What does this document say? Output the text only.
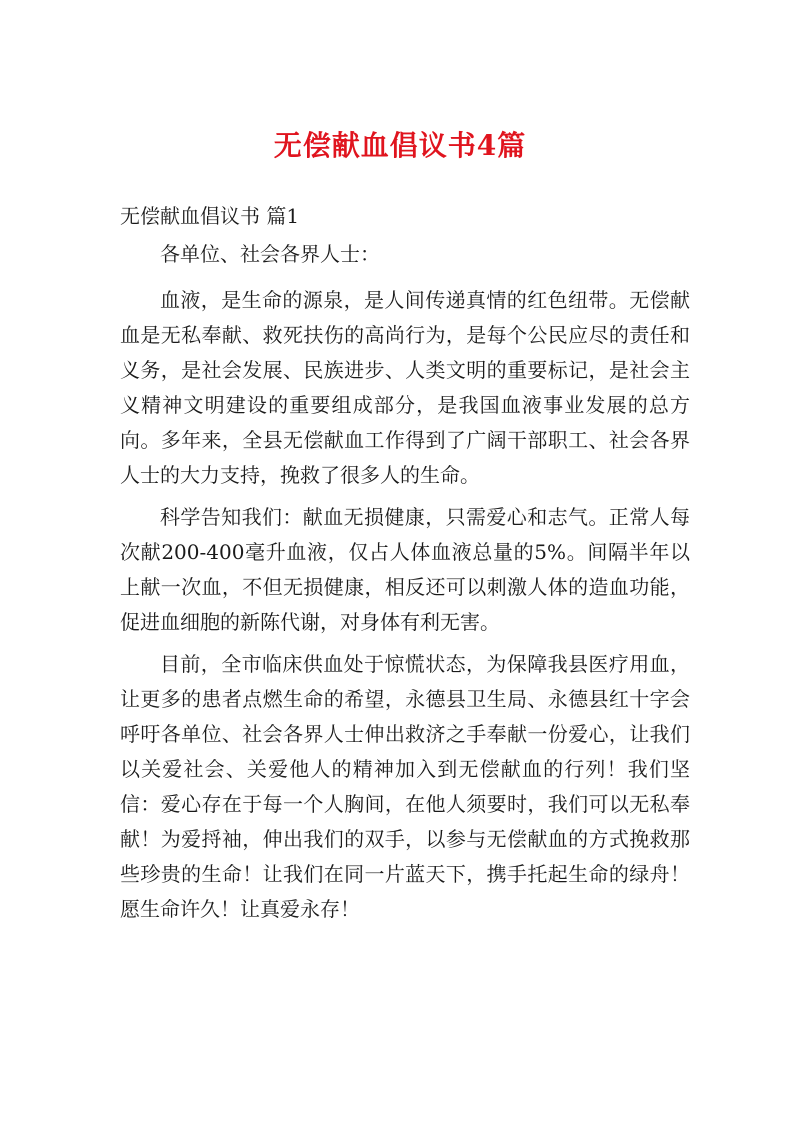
无偿献血倡议书4篇

无偿献血倡议书 篇1

各单位、社会各界人士：

血液，是生命的源泉，是人间传递真情的红色纽带。无偿献血是无私奉献、救死扶伤的高尚行为，是每个公民应尽的责任和义务，是社会发展、民族进步、人类文明的重要标记，是社会主义精神文明建设的重要组成部分，是我国血液事业发展的总方向。多年来，全县无偿献血工作得到了广阔干部职工、社会各界人士的大力支持，挽救了很多人的生命。

科学告知我们：献血无损健康，只需爱心和志气。正常人每次献200-400毫升血液，仅占人体血液总量的5%。间隔半年以上献一次血，不但无损健康，相反还可以刺激人体的造血功能，促进血细胞的新陈代谢，对身体有利无害。

目前，全市临床供血处于惊慌状态，为保障我县医疗用血，让更多的患者点燃生命的希望，永德县卫生局、永德县红十字会呼吁各单位、社会各界人士伸出救济之手奉献一份爱心，让我们以关爱社会、关爱他人的精神加入到无偿献血的行列！我们坚信：爱心存在于每一个人胸间，在他人须要时，我们可以无私奉献！为爱捋袖，伸出我们的双手，以参与无偿献血的方式挽救那些珍贵的生命！让我们在同一片蓝天下，携手托起生命的绿舟！愿生命许久！让真爱永存！
